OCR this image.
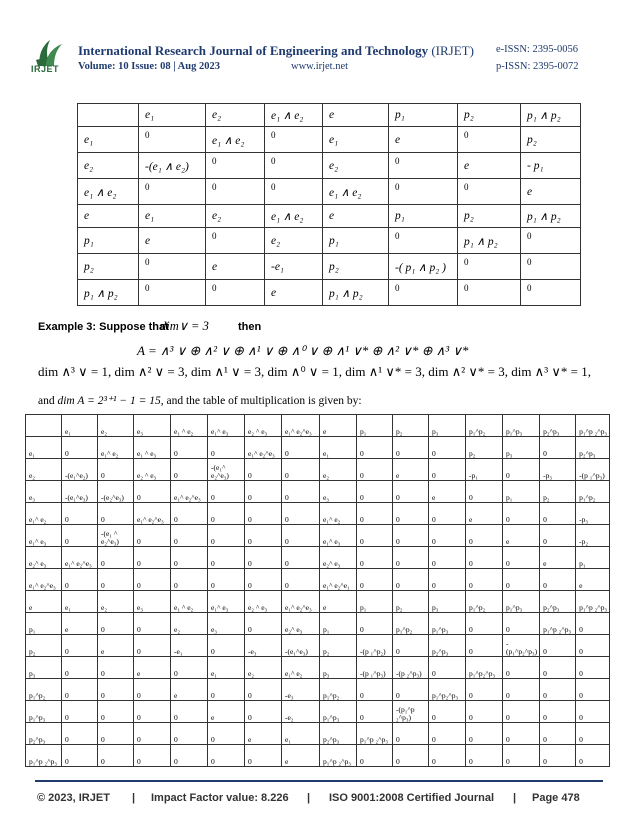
IRJET
International Research Journal of Engineering and Technology (IRJET)
Volume: 10 Issue: 08 | Aug 2023	www.irjet.net
e-ISSN: 2395-0056
p-ISSN: 2395-0072
	e₁	e₂	e₁ ∧ e₂	e	p₁	p₂	p₁ ∧ p₂
e₁	0	e₁ ∧ e₂	0	e₁	e	0	p₂
e₂	-(e₁ ∧ e₂)	0	0	e₂	0	e	- p₁
e₁ ∧ e₂	0	0	0	e₁ ∧ e₂	0	0	e
e	e₁	e₂	e₁ ∧ e₂	e	p₁	p₂	p₁ ∧ p₂
p₁	e	0	e₂	p₁	0	p₁ ∧ p₂	0
p₂	0	e	-e₁	p₂	-( p₁ ∧ p₂ )	0	0
p₁ ∧ p₂	0	0	e	p₁ ∧ p₂	0	0	0
Example 3: Suppose that
dim∨ = 3	then
A = ∧³ ∨ ⊕ ∧² ∨ ⊕ ∧¹ ∨ ⊕ ∧⁰ ∨ ⊕ ∧¹ ∨* ⊕ ∧² ∨* ⊕ ∧³ ∨*
dim ∧³ ∨ = 1, dim ∧² ∨ = 3, dim ∧¹ ∨ = 3, dim ∧⁰ ∨ = 1, dim ∧¹ ∨* = 3, dim ∧² ∨* = 3, dim ∧³ ∨* = 1,
and dim A = 2³⁺¹ − 1 = 15, and the table of multiplication is given by:
	e₁	e₂	e₃	e₁ ^ e₂	e₁^ e₃	e₂ ^ e₃	e₁^ e₂^e₃	e	p₁	p₂	p₃	p₁^p₂	p₁^p₃	p₂^p₃	p₁^p ₂^p₃
e₁	0	e₁^ e₂	e₁ ^ e₃	0	0	e₁^ e₂^e₃	0	e₁	0	0	0	p₂	p₃	0	p₂^p₃
e₂	-(e₁^e₂)	0	e₂ ^ e₃	0	-(e₁^ e₂^e₃)	0	0	e₂	0	e	0	-p₁	0	-p₃	-(p ₁^p₃)
e₃	-(e₁^e₃)	-(e₂^e₃)	0	e₁^ e₂^e₃	0	0	0	e₃	0	0	e	0	p₁	p₂	p₁^p₂
e₁^ e₂	0	0	e₁^ e₂^e₃	0	0	0	0	e₁^ e₂	0	0	0	e	0	0	-p₃
e₁^ e₃	0	-(e₁ ^ e₂^e₃)	0	0	0	0	0	e₁^ e₃	0	0	0	0	e	0	-p₂
e₂^ e₃	e₁^ e₂^e₃	0	0	0	0	0	0	e₂^ e₃	0	0	0	0	0	e	p₁
e₁^ e₂^e₃	0	0	0	0	0	0	0	e₁^ e₂^e₁	0	0	0	0	0	0	e
e	e₁	e₂	e₃	e₁ ^ e₂	e₁^ e₃	e₂ ^ e₃	e₁^ e₂^e₃	e	p₁	p₂	p₃	p₁^p₂	p₁^p₃	p₂^p₃	p₁^p ₂^p₃
p₁	e	0	0	e₂	e₃	0	e₂^ e₃	p₁	0	p₁^p₂	p₁^p₃	0	0	p₁^p ₂^p₃	0
p₂	0	e	0	-e₁	0	-e₃	-(e₁^e₃)	p₂	-(p ₁^p₂)	0	p₂^p₃	0	-(p₁^p₂^p₃)	0	0
p₃	0	0	e	0	e₁	e₂	e₁^ e₂	p₃	-(p ₁^p₃)	-(p ₂^p₃)	0	p₁^p₂^p₃	0	0	0
p₁^p₂	0	0	0	e	0	0	-e₃	p₁^p₂	0	0	p₁^p₂^p₃	0	0	0	0
p₁^p₃	0	0	0	0	e	0	-e₂	p₁^p₃	0	-(p₁^p ₂^p₃)	0	0	0	0	0
p₂^p₃	0	0	0	0	0	e	e₁	p₂^p₃	p₁^p ₂^p₃	0	0	0	0	0	0
p₁^p ₂^p₃	0	0	0	0	0	0	e	p₁^p ₂^p₃	0	0	0	0	0	0	0
© 2023, IRJET | Impact Factor value: 8.226 | ISO 9001:2008 Certified Journal | Page 478
